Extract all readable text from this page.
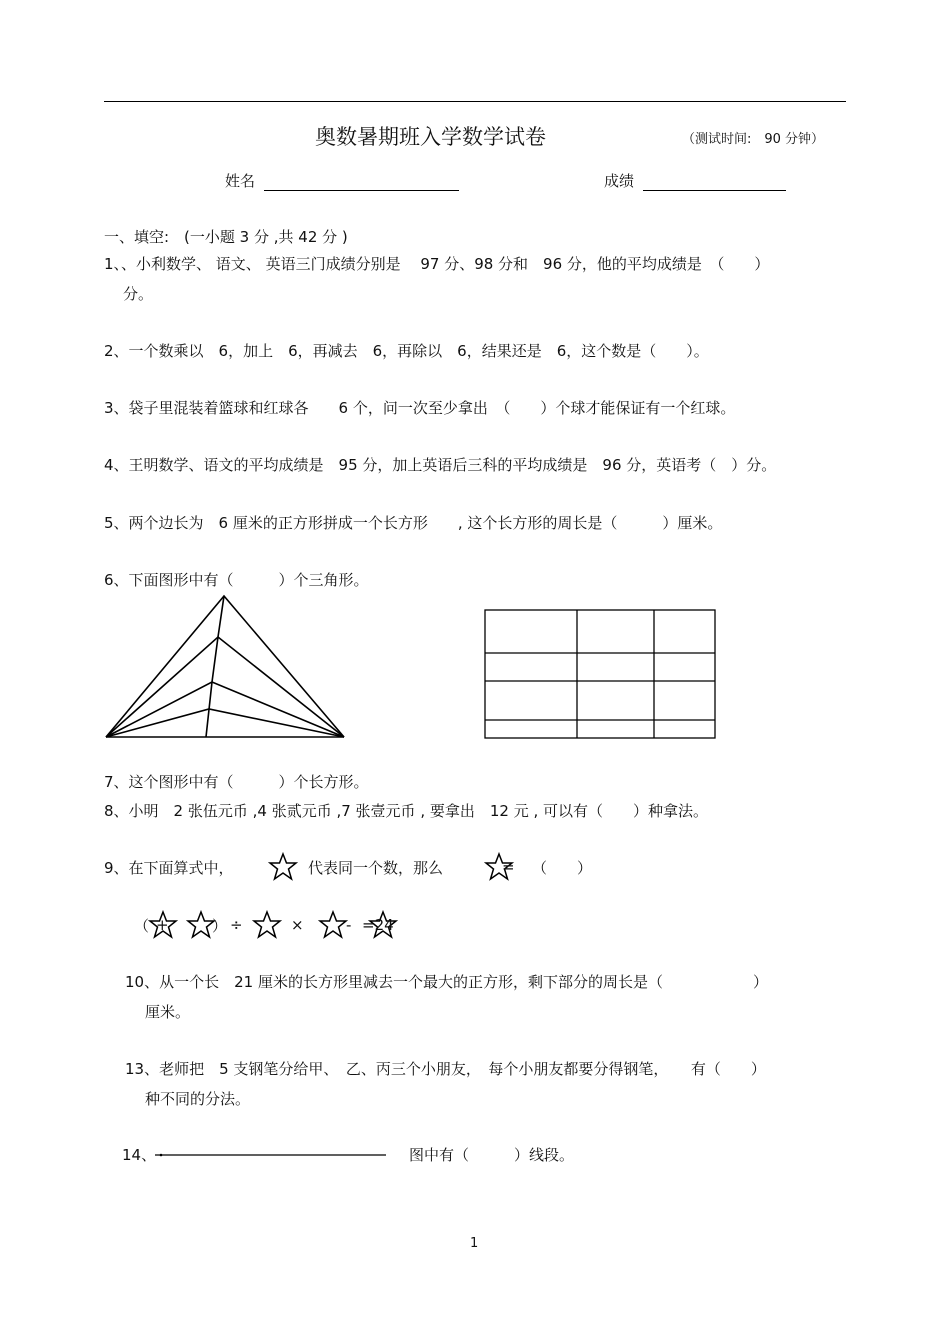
奥数暑期班入学数学试卷	（测试时间:　90 分钟）
姓名	成绩
一、填空:　(一小题 3 分 ,共 42 分 )
1、、小利数学、 语文、 英语三门成绩分别是　 97 分、98 分和　96 分，他的平均成绩是　（　　）
分。
2、一个数乘以　6，加上　6，再减去　6，再除以　6，结果还是　6，这个数是（　　）。
3、袋子里混装着篮球和红球各　　6 个，问一次至少拿出　（　　）个球才能保证有一个红球。
4、王明数学、语文的平均成绩是　95 分，加上英语后三科的平均成绩是　96 分，英语考（　）分。
5、两个边长为　6 厘米的正方形拼成一个长方形　　, 这个长方形的周长是（　　　）厘米。
6、下面图形中有（　　　）个三角形。
7、这个图形中有（　　　）个长方形。
8、小明　2 张伍元币 ,4 张贰元币 ,7 张壹元币 , 要拿出　12 元 , 可以有（　　）种拿法。
9、在下面算式中，	代表同一个数，那么	= （　　）
（ +	） ÷	×	- =24
10、从一个长　21 厘米的长方形里减去一个最大的正方形，剩下部分的周长是（　　　　　　）
厘米。
13、老师把　5 支钢笔分给甲、　乙、丙三个小朋友，　每个小朋友都要分得钢笔，　　有（　　）
种不同的分法。
14、	图中有（　　　）线段。
1
